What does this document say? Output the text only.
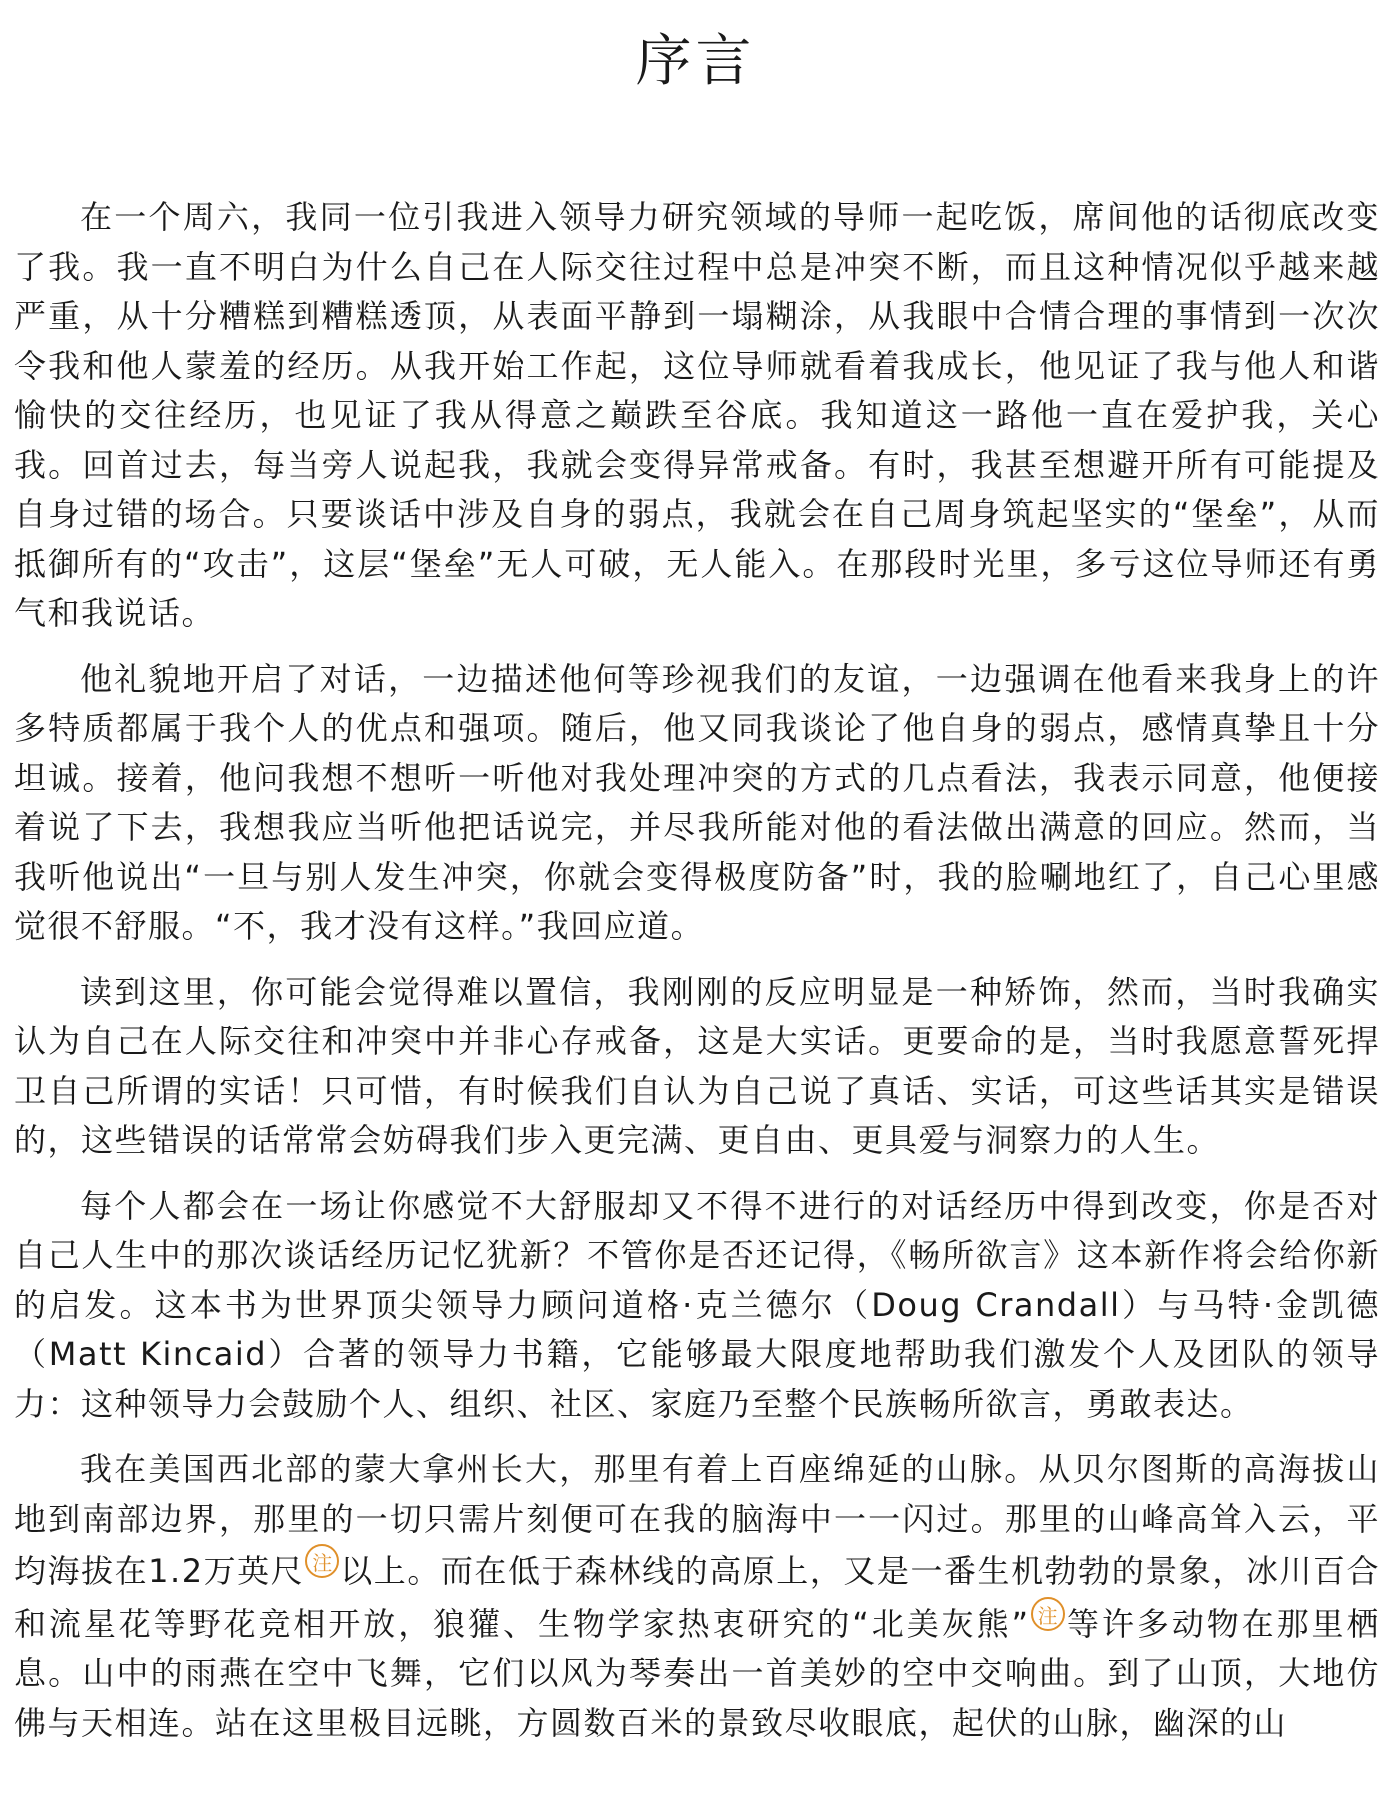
序言

在一个周六，我同一位引我进入领导力研究领域的导师一起吃饭，席间他的话彻底改变了我。我一直不明白为什么自己在人际交往过程中总是冲突不断，而且这种情况似乎越来越严重，从十分糟糕到糟糕透顶，从表面平静到一塌糊涂，从我眼中合情合理的事情到一次次令我和他人蒙羞的经历。从我开始工作起，这位导师就看着我成长，他见证了我与他人和谐愉快的交往经历，也见证了我从得意之巅跌至谷底。我知道这一路他一直在爱护我，关心我。回首过去，每当旁人说起我，我就会变得异常戒备。有时，我甚至想避开所有可能提及自身过错的场合。只要谈话中涉及自身的弱点，我就会在自己周身筑起坚实的“堡垒”，从而抵御所有的“攻击”，这层“堡垒”无人可破，无人能入。在那段时光里，多亏这位导师还有勇气和我说话。

他礼貌地开启了对话，一边描述他何等珍视我们的友谊，一边强调在他看来我身上的许多特质都属于我个人的优点和强项。随后，他又同我谈论了他自身的弱点，感情真挚且十分坦诚。接着，他问我想不想听一听他对我处理冲突的方式的几点看法，我表示同意，他便接着说了下去，我想我应当听他把话说完，并尽我所能对他的看法做出满意的回应。然而，当我听他说出“一旦与别人发生冲突，你就会变得极度防备”时，我的脸唰地红了，自己心里感觉很不舒服。“不，我才没有这样。”我回应道。

读到这里，你可能会觉得难以置信，我刚刚的反应明显是一种矫饰，然而，当时我确实认为自己在人际交往和冲突中并非心存戒备，这是大实话。更要命的是，当时我愿意誓死捍卫自己所谓的实话！只可惜，有时候我们自认为自己说了真话、实话，可这些话其实是错误的，这些错误的话常常会妨碍我们步入更完满、更自由、更具爱与洞察力的人生。

每个人都会在一场让你感觉不大舒服却又不得不进行的对话经历中得到改变，你是否对自己人生中的那次谈话经历记忆犹新？不管你是否还记得，《畅所欲言》这本新作将会给你新的启发。这本书为世界顶尖领导力顾问道格·克兰德尔（Doug Crandall）与马特·金凯德（Matt Kincaid）合著的领导力书籍，它能够最大限度地帮助我们激发个人及团队的领导力：这种领导力会鼓励个人、组织、社区、家庭乃至整个民族畅所欲言，勇敢表达。

我在美国西北部的蒙大拿州长大，那里有着上百座绵延的山脉。从贝尔图斯的高海拔山地到南部边界，那里的一切只需片刻便可在我的脑海中一一闪过。那里的山峰高耸入云，平均海拔在1.2万英尺 注 以上。而在低于森林线的高原上，又是一番生机勃勃的景象，冰川百合和流星花等野花竞相开放，狼獾、生物学家热衷研究的“北美灰熊” 注 等许多动物在那里栖息。山中的雨燕在空中飞舞，它们以风为琴奏出一首美妙的空中交响曲。到了山顶，大地仿佛与天相连。站在这里极目远眺，方圆数百米的景致尽收眼底，起伏的山脉，幽深的山
